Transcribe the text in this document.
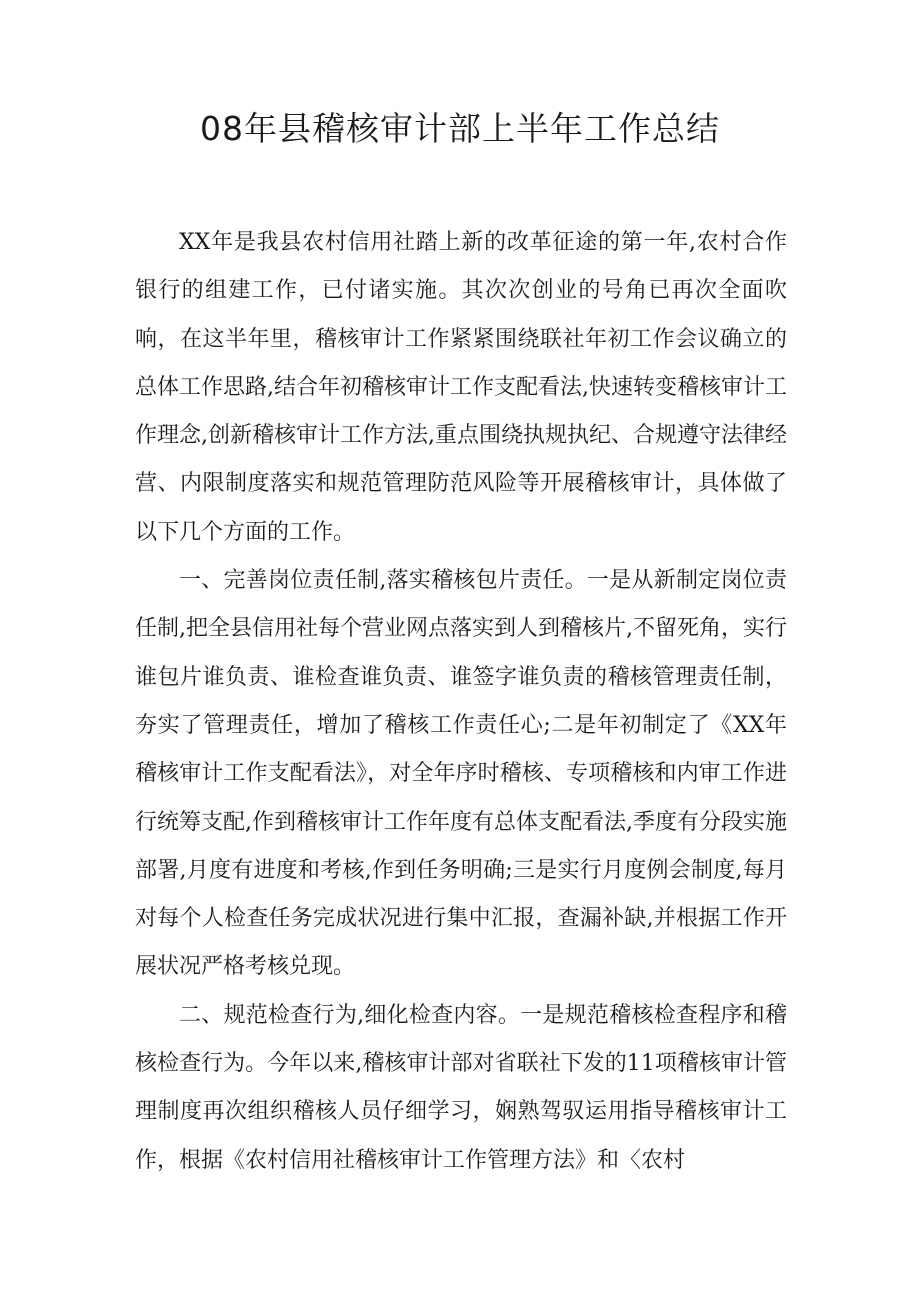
08年县稽核审计部上半年工作总结

XX年是我县农村信用社踏上新的改革征途的第一年,农村合作银行的组建工作，已付诸实施。其次次创业的号角已再次全面吹响，在这半年里，稽核审计工作紧紧围绕联社年初工作会议确立的总体工作思路,结合年初稽核审计工作支配看法,快速转变稽核审计工作理念,创新稽核审计工作方法,重点围绕执规执纪、合规遵守法律经营、内限制度落实和规范管理防范风险等开展稽核审计，具体做了以下几个方面的工作。

一、完善岗位责任制,落实稽核包片责任。一是从新制定岗位责任制,把全县信用社每个营业网点落实到人到稽核片,不留死角，实行谁包片谁负责、谁检查谁负责、谁签字谁负责的稽核管理责任制，夯实了管理责任，增加了稽核工作责任心;二是年初制定了《XX年稽核审计工作支配看法》，对全年序时稽核、专项稽核和内审工作进行统筹支配,作到稽核审计工作年度有总体支配看法,季度有分段实施部署,月度有进度和考核,作到任务明确;三是实行月度例会制度,每月对每个人检查任务完成状况进行集中汇报，查漏补缺,并根据工作开展状况严格考核兑现。

二、规范检查行为,细化检查内容。一是规范稽核检查程序和稽核检查行为。今年以来,稽核审计部对省联社下发的11项稽核审计管理制度再次组织稽核人员仔细学习，娴熟驾驭运用指导稽核审计工作，根据《农村信用社稽核审计工作管理方法》和〈农村
